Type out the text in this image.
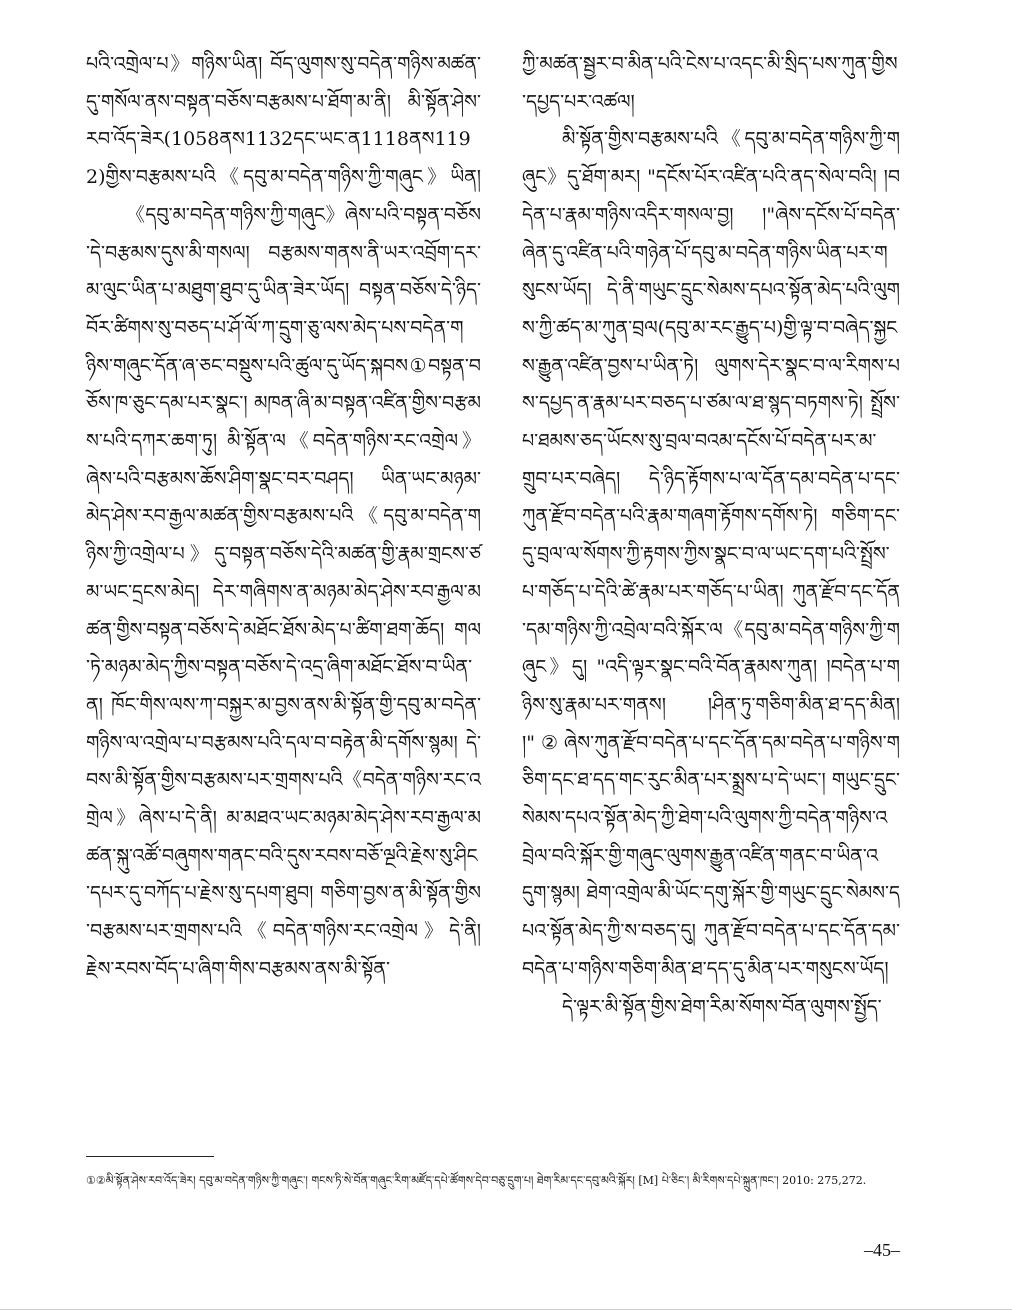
པའི་འགྲེལ་པ》གཉིས་ཡིན། བོད་ལུགས་སུ་བདེན་གཉིས་མཚན་དུ་གསོལ་ནས་བསྟན་བཅོས་བརྩམས་པ་ཐོག་མ་ནི། མི་སྟོན་ཤེས་རབ་འོད་ཟེར(1058ནས1132དང་ཡང་ན1118ནས1192)གྱིས་བརྩམས་པའི《དབུ་མ་བདེན་གཉིས་ཀྱི་གཞུང》ཡིན།

《དབུ་མ་བདེན་གཉིས་ཀྱི་གཞུང》ཞེས་པའི་བསྟན་བཅོས་དེ་བརྩམས་དུས་མི་གསལ། བརྩམས་གནས་ནི་ཡར་འབྲོག་དར་མ་ལུང་ཡིན་པ་མཐུག་ཐུབ་དུ་ཡིན་ཟེར་ཡོད། བསྟན་བཅོས་དེ་ཉིད་བོར་ཚིགས་སུ་བཅད་པ་ཤོ་ལོ་ཀ་དྲུག་ཅུ་ལས་མེད་པས་བདེན་གཉིས་གཞུང་དོན་ཞ་ཅང་བསྡུས་པའི་ཚུལ་དུ་ཡོད་སྐབས①བསྟན་བཅོས་ཁ་ཅུང་དམ་པར་སྣང་། མཁན་ཞི་མ་བསྟན་འཛིན་གྱིས་བརྩམས་པའི་དཀར་ཆག་ཏུ། མི་སྟོན་ལ《བདེན་གཉིས་རང་འགྲེལ》ཞེས་པའི་བརྩམས་ཆོས་ཤིག་སྣང་བར་བཤད། ཡིན་ཡང་མཉམ་མེད་ཤེས་རབ་རྒྱལ་མཚན་གྱིས་བརྩམས་པའི《དབུ་མ་བདེན་གཉིས་ཀྱི་འགྲེལ་པ》དུ་བསྟན་བཅོས་དེའི་མཚན་གྱི་རྣམ་གྲངས་ཙམ་ཡང་དྲངས་མེད། དེར་གཞིགས་ན་མཉམ་མེད་ཤེས་རབ་རྒྱལ་མཚན་གྱིས་བསྟན་བཅོས་དེ་མཐོང་ཐོས་མེད་པ་ཚིག་ཐག་ཆོད། གལ་ཏེ་མཉམ་མེད་ཀྱིས་བསྟན་བཅོས་དེ་འདྲ་ཞིག་མཐོང་ཐོས་བ་ཡིན་ན། ཁོང་གིས་ལས་ཀ་བསྐྱར་མ་བྱས་ནས་མི་སྟོན་གྱི་དབུ་མ་བདེན་གཉིས་ལ་འགྲེལ་པ་བརྩམས་པའི་དལ་བ་བརྟེན་མི་དགོས་སྙམ། དེ་བས་མི་སྟོན་གྱིས་བརྩམས་པར་གྲགས་པའི《བདེན་གཉིས་རང་འགྲེལ》ཞེས་པ་དེ་ནི། མ་མཐའ་ཡང་མཉམ་མེད་ཤེས་རབ་རྒྱལ་མཚན་སྐུ་འཚོ་བཞུགས་གནང་བའི་དུས་རབས་བཅོ་ལྔའི་རྗེས་སུ་ཤིང་དཔར་དུ་བཀོད་པ་རྗེས་སུ་དཔག་ཐུབ། གཅིག་བྱས་ན་མི་སྟོན་གྱིས་བརྩམས་པར་གྲགས་པའི《བདེན་གཉིས་རང་འགྲེལ》དེ་ནི། རྗེས་རབས་བོད་པ་ཞིག་གིས་བརྩམས་ནས་མི་སྟོན་

ཀྱི་མཚན་སྦྱར་བ་མིན་པའི་ངེས་པ་འདང་མི་སྲིད་པས་ཀུན་གྱིས་དཔྱད་པར་འཚལ།

མི་སྟོན་གྱིས་བརྩམས་པའི《དབུ་མ་བདེན་གཉིས་ཀྱི་གཞུང》དུ་ཐོག་མར། "དངོས་པོར་འཛིན་པའི་ནད་སེལ་བའི། །བདེན་པ་རྣམ་གཉིས་འདིར་གསལ་བྱ། །"ཞེས་དངོས་པོ་བདེན་ཞེན་དུ་འཛིན་པའི་གཉེན་པོ་དབུ་མ་བདེན་གཉིས་ཡིན་པར་གསུངས་ཡོད། དེ་ནི་གཡུང་དྲུང་སེམས་དཔའ་སྟོན་མེད་པའི་ལུགས་ཀྱི་ཚད་མ་ཀུན་བྲལ(དབུ་མ་རང་རྒྱུད་པ)གྱི་ལྟ་བ་བཞེད་སྐྱངས་རྒྱུན་འཛིན་བྱས་པ་ཡིན་ཏེ། ལུགས་དེར་སྣང་བ་ལ་རིགས་པས་དཔྱད་ན་རྣམ་པར་བཅད་པ་ཙམ་ལ་ཐ་སྙད་བཏགས་ཏེ། སྤྲོས་པ་ཐམས་ཅད་ཡོངས་སུ་བྲལ་བའམ་དངོས་པོ་བདེན་པར་མ་གྲུབ་པར་བཞེད། དེ་ཉིད་རྟོགས་པ་ལ་དོན་དམ་བདེན་པ་དང་ཀུན་རྫོབ་བདེན་པའི་རྣམ་གཞག་རྟོགས་དགོས་ཏེ། གཅིག་དང་དུ་བྲལ་ལ་སོགས་ཀྱི་རྟགས་ཀྱིས་སྣང་བ་ལ་ཡང་དག་པའི་སྤྲོས་པ་གཅོད་པ་དེའི་ཚེ་རྣམ་པར་གཅོད་པ་ཡིན། ཀུན་རྫོབ་དང་དོན་དམ་གཉིས་ཀྱི་འབྲེལ་བའི་སྐོར་ལ《དབུ་མ་བདེན་གཉིས་ཀྱི་གཞུང》དུ། "འདི་ལྟར་སྣང་བའི་བོན་རྣམས་ཀུན། །བདེན་པ་གཉིས་སུ་རྣམ་པར་གནས། །ཤིན་ཏུ་གཅིག་མིན་ཐ་དད་མིན། །"②ཞེས་ཀུན་རྫོབ་བདེན་པ་དང་དོན་དམ་བདེན་པ་གཉིས་གཅིག་དང་ཐ་དད་གང་རུང་མིན་པར་སྨྲས་པ་དེ་ཡང་། གཡུང་དྲུང་སེམས་དཔའ་སྟོན་མེད་ཀྱི་ཐེག་པའི་ལུགས་ཀྱི་བདེན་གཉིས་འབྲེལ་བའི་སྐོར་གྱི་གཞུང་ལུགས་རྒྱུན་འཛིན་གནང་བ་ཡིན་འདུག་སྙམ། ཐེག་འགྲེལ་མི་ཡོང་དགུ་སྐོར་གྱི་གཡུང་དྲུང་སེམས་དཔའ་སྟོན་མེད་ཀྱི་ས་བཅད་དུ། ཀུན་རྫོབ་བདེན་པ་དང་དོན་དམ་བདེན་པ་གཉིས་གཅིག་མིན་ཐ་དད་དུ་མིན་པར་གསུངས་ཡོད།

དེ་ལྟར་མི་སྟོན་གྱིས་ཐེག་རིམ་སོགས་བོན་ལུགས་སྤྱོད་

①②མི་སྟོན་ཤེས་རབ་འོད་ཟེར། དབུ་མ་བདེན་གཉིས་ཀྱི་གཞུང་། གངས་ཏི་སེ་བོན་གཞུང་རིག་མཛོད་དཔེ་ཚོགས་དེབ་བཅུ་དྲུག་པ། ཐེག་རིམ་དང་དབུ་མའི་སྐོར། [M] པེ་ཅིང་། མི་རིགས་དཔེ་སྐྲུན་ཁང་། 2010: 275,272.

–45–
